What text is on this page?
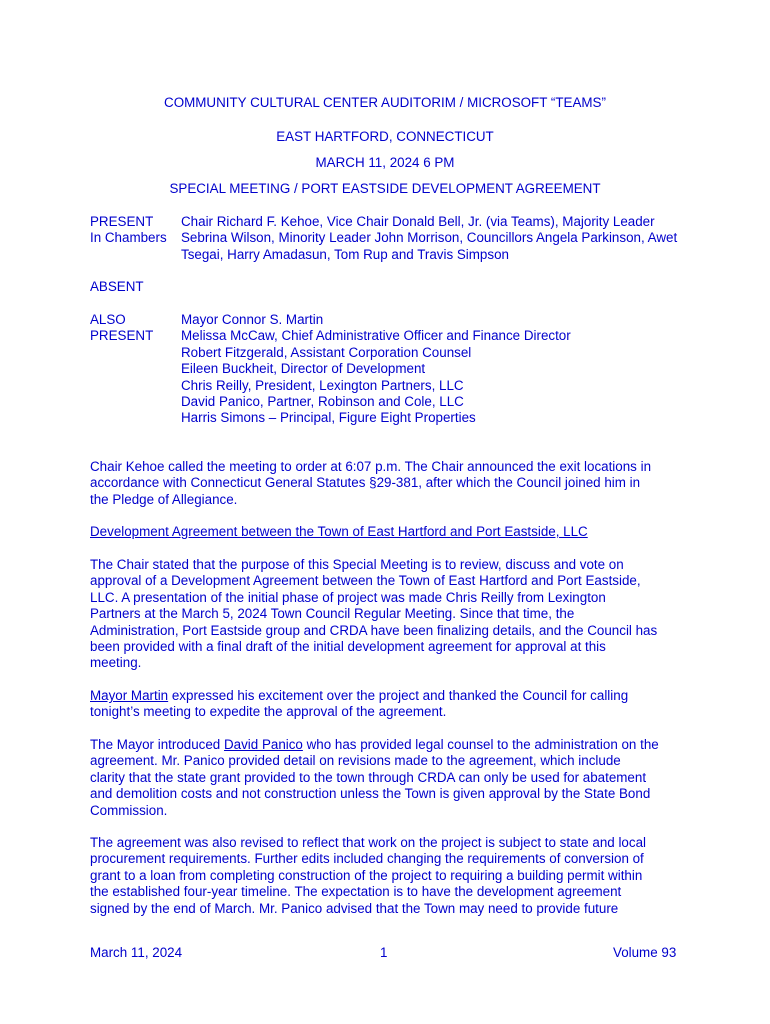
COMMUNITY CULTURAL CENTER AUDITORIM / MICROSOFT “TEAMS”
EAST HARTFORD, CONNECTICUT
MARCH 11, 2024 6 PM
SPECIAL MEETING / PORT EASTSIDE DEVELOPMENT AGREEMENT
PRESENT
In Chambers
Chair Richard F. Kehoe, Vice Chair Donald Bell, Jr. (via Teams), Majority Leader
Sebrina Wilson, Minority Leader John Morrison, Councillors Angela Parkinson, Awet
Tsegai, Harry Amadasun, Tom Rup and Travis Simpson
ABSENT
ALSO
PRESENT
Mayor Connor S. Martin
Melissa McCaw, Chief Administrative Officer and Finance Director
Robert Fitzgerald, Assistant Corporation Counsel
Eileen Buckheit, Director of Development
Chris Reilly, President, Lexington Partners, LLC
David Panico, Partner, Robinson and Cole, LLC
Harris Simons – Principal, Figure Eight Properties
Chair Kehoe called the meeting to order at 6:07 p.m. The Chair announced the exit locations in
accordance with Connecticut General Statutes §29-381, after which the Council joined him in
the Pledge of Allegiance.
Development Agreement between the Town of East Hartford and Port Eastside, LLC
The Chair stated that the purpose of this Special Meeting is to review, discuss and vote on
approval of a Development Agreement between the Town of East Hartford and Port Eastside,
LLC. A presentation of the initial phase of project was made Chris Reilly from Lexington
Partners at the March 5, 2024 Town Council Regular Meeting. Since that time, the
Administration, Port Eastside group and CRDA have been finalizing details, and the Council has
been provided with a final draft of the initial development agreement for approval at this
meeting.
Mayor Martin expressed his excitement over the project and thanked the Council for calling
tonight’s meeting to expedite the approval of the agreement.
The Mayor introduced David Panico who has provided legal counsel to the administration on the
agreement. Mr. Panico provided detail on revisions made to the agreement, which include
clarity that the state grant provided to the town through CRDA can only be used for abatement
and demolition costs and not construction unless the Town is given approval by the State Bond
Commission.
The agreement was also revised to reflect that work on the project is subject to state and local
procurement requirements. Further edits included changing the requirements of conversion of
grant to a loan from completing construction of the project to requiring a building permit within
the established four-year timeline. The expectation is to have the development agreement
signed by the end of March. Mr. Panico advised that the Town may need to provide future
March 11, 2024	1	Volume 93
